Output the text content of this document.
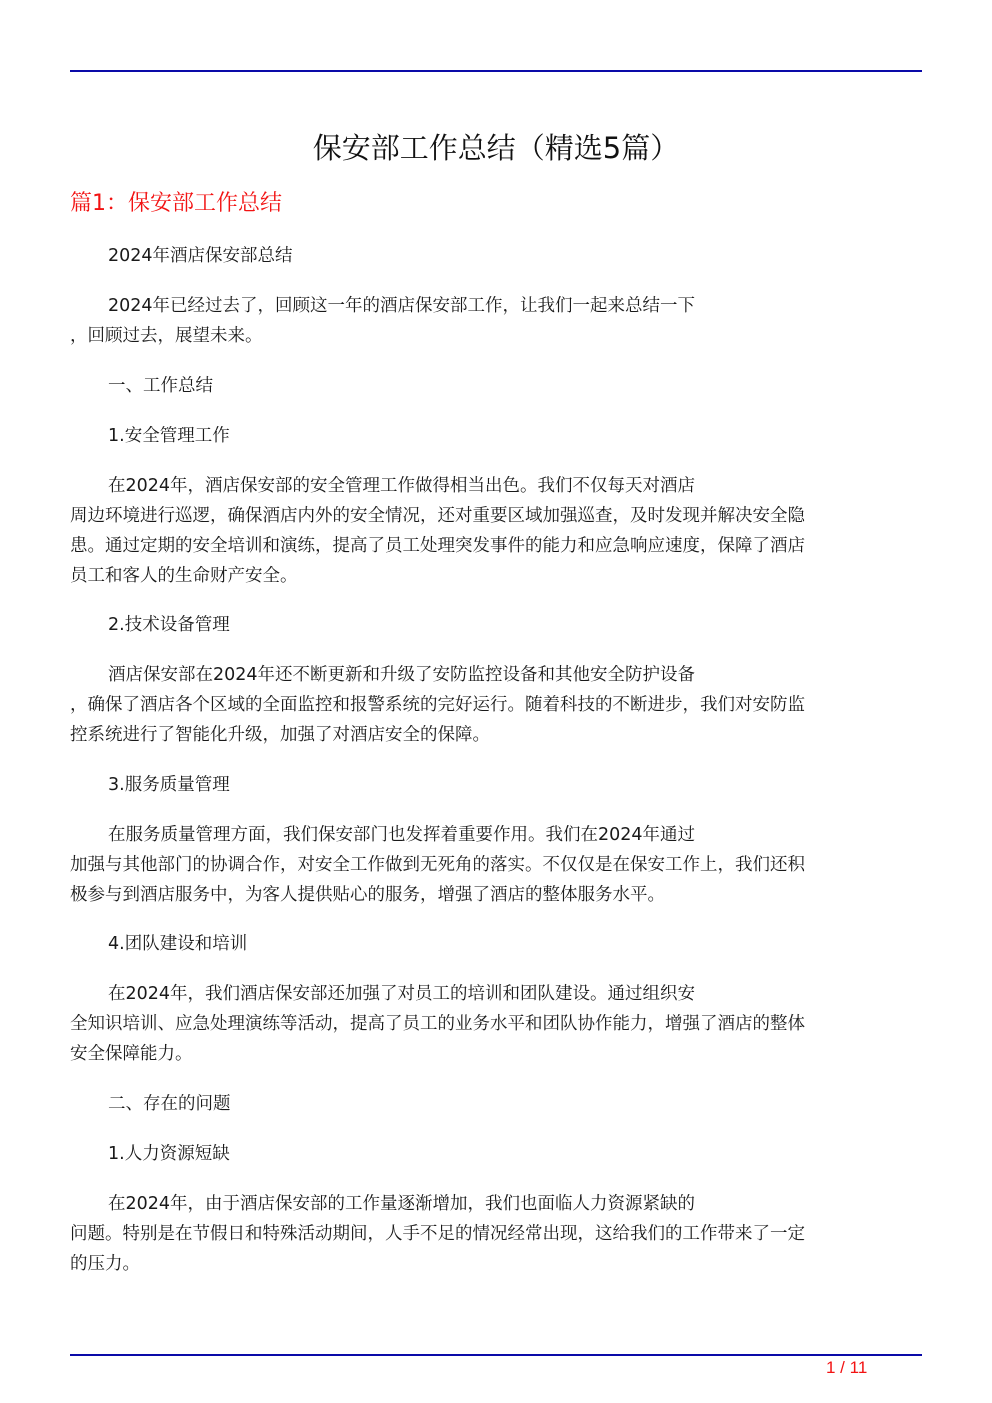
保安部工作总结（精选5篇）
篇1：保安部工作总结
2024年酒店保安部总结
2024年已经过去了，回顾这一年的酒店保安部工作，让我们一起来总结一下
，回顾过去，展望未来。
一、工作总结
1.安全管理工作
在2024年，酒店保安部的安全管理工作做得相当出色。我们不仅每天对酒店
周边环境进行巡逻，确保酒店内外的安全情况，还对重要区域加强巡查，及时发现并解决安全隐
患。通过定期的安全培训和演练，提高了员工处理突发事件的能力和应急响应速度，保障了酒店
员工和客人的生命财产安全。
2.技术设备管理
酒店保安部在2024年还不断更新和升级了安防监控设备和其他安全防护设备
，确保了酒店各个区域的全面监控和报警系统的完好运行。随着科技的不断进步，我们对安防监
控系统进行了智能化升级，加强了对酒店安全的保障。
3.服务质量管理
在服务质量管理方面，我们保安部门也发挥着重要作用。我们在2024年通过
加强与其他部门的协调合作，对安全工作做到无死角的落实。不仅仅是在保安工作上，我们还积
极参与到酒店服务中，为客人提供贴心的服务，增强了酒店的整体服务水平。
4.团队建设和培训
在2024年，我们酒店保安部还加强了对员工的培训和团队建设。通过组织安
全知识培训、应急处理演练等活动，提高了员工的业务水平和团队协作能力，增强了酒店的整体
安全保障能力。
二、存在的问题
1.人力资源短缺
在2024年，由于酒店保安部的工作量逐渐增加，我们也面临人力资源紧缺的
问题。特别是在节假日和特殊活动期间，人手不足的情况经常出现，这给我们的工作带来了一定
的压力。
1 / 11
